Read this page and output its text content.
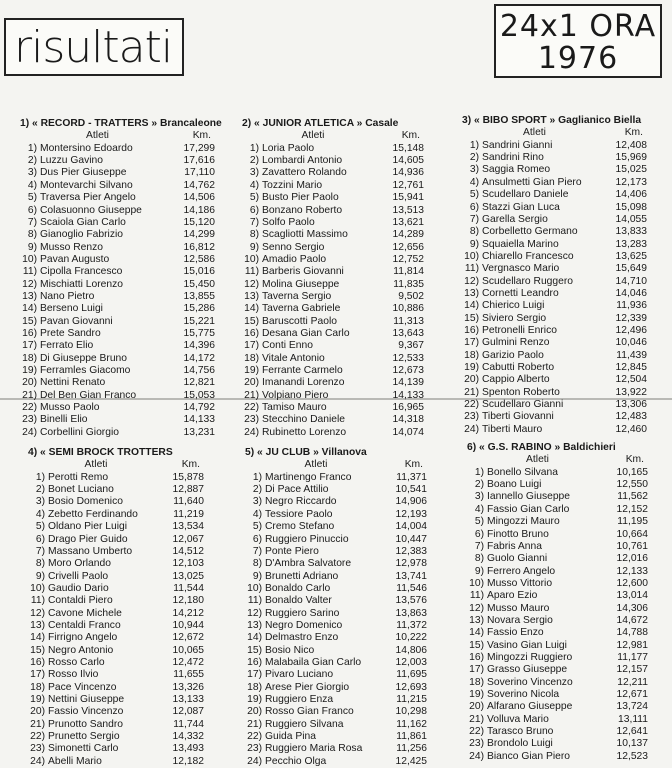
risultati	24x1 ORA
1976
1) « RECORD - TRATTERS » Brancaleone
Atleti	Km.
1) Montersino Edoardo	17,299
2) Luzzu Gavino	17,616
3) Dus Pier Giuseppe	17,110
4) Montevarchi Silvano	14,762
5) Traversa Pier Angelo	14,506
6) Colasuonno Giuseppe	14,186
7) Scaiola Gian Carlo	15,120
8) Gianoglio Fabrizio	14,299
9) Musso Renzo	16,812
10) Pavan Augusto	12,586
11) Cipolla Francesco	15,016
12) Mischiatti Lorenzo	15,450
13) Nano Pietro	13,855
14) Berseno Luigi	15,286
15) Pavan Giovanni	15,221
16) Prete Sandro	15,775
17) Ferrato Elio	14,396
18) Di Giuseppe Bruno	14,172
19) Ferramles Giacomo	14,756
20) Nettini Renato	12,821
21) Del Ben Gian Franco	15,053
22) Musso Paolo	14,792
23) Binelli Elio	14,133
24) Corbellini Giorgio	13,231
2) « JUNIOR ATLETICA » Casale
Atleti	Km.
1) Loria Paolo	15,148
2) Lombardi Antonio	14,605
3) Zavattero Rolando	14,936
4) Tozzini Mario	12,761
5) Busto Pier Paolo	15,941
6) Bonzano Roberto	13,513
7) Solfo Paolo	13,621
8) Scagliotti Massimo	14,289
9) Senno Sergio	12,656
10) Amadio Paolo	12,752
11) Barberis Giovanni	11,814
12) Molina Giuseppe	11,835
13) Taverna Sergio	9,502
14) Taverna Gabriele	10,886
15) Baruscotti Paolo	11,313
16) Desana Gian Carlo	13,643
17) Conti Enno	9,367
18) Vitale Antonio	12,533
19) Ferrante Carmelo	12,673
20) Imanandi Lorenzo	14,139
21) Volpiano Piero	14,133
22) Tamiso Mauro	16,965
23) Stecchino Daniele	14,318
24) Rubinetto Lorenzo	14,074
3) « BIBO SPORT » Gaglianico Biella
Atleti	Km.
1) Sandrini Gianni	12,408
2) Sandrini Rino	15,969
3) Saggia Romeo	15,025
4) Ansulmetti Gian Piero	12,173
5) Scudellaro Daniele	14,406
6) Stazzi Gian Luca	15,098
7) Garella Sergio	14,055
8) Corbelletto Germano	13,833
9) Squaiella Marino	13,283
10) Chiarello Francesco	13,625
11) Vergnasco Mario	15,649
12) Scudellaro Ruggero	14,710
13) Cornetti Leandro	14,046
14) Chierico Luigi	11,936
15) Siviero Sergio	12,339
16) Petronelli Enrico	12,496
17) Gulmini Renzo	10,046
18) Garizio Paolo	11,439
19) Cabutti Roberto	12,845
20) Cappio Alberto	12,504
21) Spenton Roberto	13,922
22) Scudellaro Gianni	13,306
23) Tiberti Giovanni	12,483
24) Tiberti Mauro	12,460
4) « SEMI BROCK TROTTERS
Atleti	Km.
1) Perotti Remo	15,878
2) Bonet Luciano	12,887
3) Bosio Domenico	11,640
4) Zebetto Ferdinando	11,219
5) Oldano Pier Luigi	13,534
6) Drago Pier Guido	12,067
7) Massano Umberto	14,512
8) Moro Orlando	12,103
9) Crivelli Paolo	13,025
10) Gaudio Dario	11,544
11) Contaldi Piero	12,180
12) Cavone Michele	14,212
13) Centaldi Franco	10,944
14) Firrigno Angelo	12,672
15) Negro Antonio	10,065
16) Rosso Carlo	12,472
17) Rosso Ilvio	11,655
18) Pace Vincenzo	13,326
19) Nettini Giuseppe	13,133
20) Fassio Vincenzo	12,087
21) Prunotto Sandro	11,744
22) Prunetto Sergio	14,332
23) Simonetti Carlo	13,493
24) Abelli Mario	12,182
5) « JU CLUB » Villanova
Atleti	Km.
1) Martinengo Franco	11,371
2) Di Pace Attilio	10,541
3) Negro Riccardo	14,906
4) Tessiore Paolo	12,193
5) Cremo Stefano	14,004
6) Ruggiero Pinuccio	10,447
7) Ponte Piero	12,383
8) D'Ambra Salvatore	12,978
9) Brunetti Adriano	13,741
10) Bonaldo Carlo	11,546
11) Bonaldo Valter	13,576
12) Ruggiero Sarino	13,863
13) Negro Domenico	11,372
14) Delmastro Enzo	10,222
15) Bosio Nico	14,806
16) Malabaila Gian Carlo	12,003
17) Pivaro Luciano	11,695
18) Arese Pier Giorgio	12,693
19) Ruggiero Enza	11,215
20) Rosso Gian Franco	10,298
21) Ruggiero Silvana	11,162
22) Guida Pina	11,861
23) Ruggiero Maria Rosa	11,256
24) Pecchio Olga	12,425
6) « G.S. RABINO » Baldichieri
Atleti	Km.
1) Bonello Silvana	10,165
2) Boano Luigi	12,550
3) Iannello Giuseppe	11,562
4) Fassio Gian Carlo	12,152
5) Mingozzi Mauro	11,195
6) Finotto Bruno	10,664
7) Fabris Anna	10,761
8) Guolo Gianni	12,016
9) Ferrero Angelo	12,133
10) Musso Vittorio	12,600
11) Aparo Ezio	13,014
12) Musso Mauro	14,306
13) Novara Sergio	14,672
14) Fassio Enzo	14,788
15) Vasino Gian Luigi	12,981
16) Mingozzi Ruggiero	11,177
17) Grasso Giuseppe	12,157
18) Soverino Vincenzo	12,211
19) Soverino Nicola	12,671
20) Alfarano Giuseppe	13,724
21) Volluva Mario	13,111
22) Tarasco Bruno	12,641
23) Brondolo Luigi	10,137
24) Bianco Gian Piero	12,523
